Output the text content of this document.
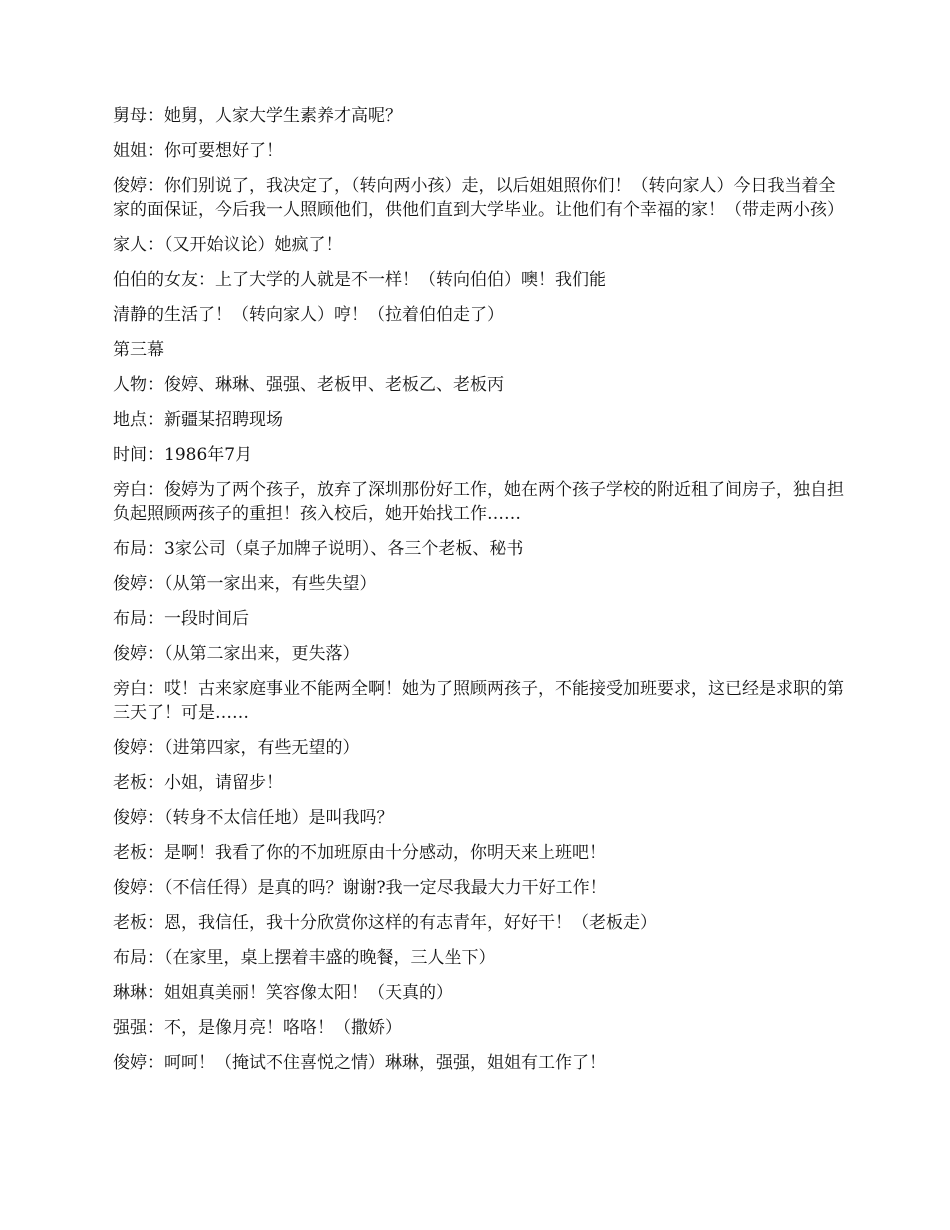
舅母：她舅，人家大学生素养才高呢？

姐姐：你可要想好了！

俊婷：你们别说了，我决定了，（转向两小孩）走，以后姐姐照你们！（转向家人）今日我当着全家的面保证，今后我一人照顾他们，供他们直到大学毕业。让他们有个幸福的家！（带走两小孩）

家人：（又开始议论）她疯了！

伯伯的女友：上了大学的人就是不一样！（转向伯伯）噢！我们能

清静的生活了！（转向家人）哼！（拉着伯伯走了）

第三幕

人物：俊婷、琳琳、强强、老板甲、老板乙、老板丙

地点：新疆某招聘现场

时间：1986年7月

旁白：俊婷为了两个孩子，放弃了深圳那份好工作，她在两个孩子学校的附近租了间房子，独自担负起照顾两孩子的重担！孩入校后，她开始找工作……

布局：3家公司（桌子加牌子说明）、各三个老板、秘书

俊婷：（从第一家出来，有些失望）

布局：一段时间后

俊婷：（从第二家出来，更失落）

旁白：哎！古来家庭事业不能两全啊！她为了照顾两孩子，不能接受加班要求，这已经是求职的第三天了！可是……

俊婷：（进第四家，有些无望的）

老板：小姐，请留步！

俊婷：（转身不太信任地）是叫我吗？

老板：是啊！我看了你的不加班原由十分感动，你明天来上班吧！

俊婷：（不信任得）是真的吗？谢谢?我一定尽我最大力干好工作！

老板：恩，我信任，我十分欣赏你这样的有志青年，好好干！（老板走）

布局：（在家里，桌上摆着丰盛的晚餐，三人坐下）

琳琳：姐姐真美丽！笑容像太阳！（天真的）

强强：不，是像月亮！咯咯！（撒娇）

俊婷：呵呵！（掩试不住喜悦之情）琳琳，强强，姐姐有工作了！
